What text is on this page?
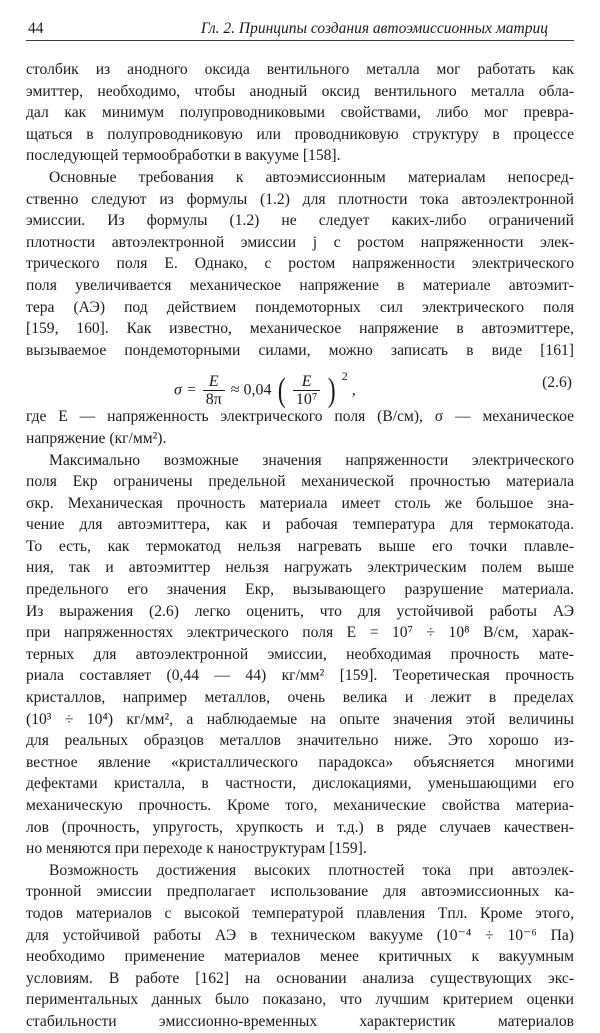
44	Гл. 2. Принципы создания автоэмиссионных матриц
столбик из анодного оксида вентильного металла мог работать как
эмиттер, необходимо, чтобы анодный оксид вентильного металла обла-
дал как минимум полупроводниковыми свойствами, либо мог превра-
щаться в полупроводниковую или проводниковую структуру в процессе
последующей термообработки в вакууме [158].
Основные требования к автоэмиссионным материалам непосред-
ственно следуют из формулы (1.2) для плотности тока автоэлектронной
эмиссии. Из формулы (1.2) не следует каких-либо ограничений
плотности автоэлектронной эмиссии j с ростом напряженности элек-
трического поля E. Однако, с ростом напряженности электрического
поля увеличивается механическое напряжение в материале автоэмит-
тера (АЭ) под действием пондемоторных сил электрического поля
[159, 160]. Как известно, механическое напряжение в автоэмиттере,
вызываемое пондемоторными силами, можно записать в виде [161]
$\sigma = \frac{E}{8\pi} \approx 0,04$ ( $\frac{E}{\text{10⁷}}$ ) $^2$ ,	(2.6)
где E — напряженность электрического поля (В/см), σ — механическое
напряжение (кг/мм²).
Максимально возможные значения напряженности электрического
поля Eкр ограничены предельной механической прочностью материала
σкр. Механическая прочность материала имеет столь же большое зна-
чение для автоэмиттера, как и рабочая температура для термокатода.
То есть, как термокатод нельзя нагревать выше его точки плавле-
ния, так и автоэмиттер нельзя нагружать электрическим полем выше
предельного его значения Eкр, вызывающего разрушение материала.
Из выражения (2.6) легко оценить, что для устойчивой работы АЭ
при напряженностях электрического поля E = 10⁷ ÷ 10⁸ В/см, харак-
терных для автоэлектронной эмиссии, необходимая прочность мате-
риала составляет (0,44 — 44) кг/мм² [159]. Теоретическая прочность
кристаллов, например металлов, очень велика и лежит в пределах
(10³ ÷ 10⁴) кг/мм², а наблюдаемые на опыте значения этой величины
для реальных образцов металлов значительно ниже. Это хорошо из-
вестное явление «кристаллического парадокса» объясняется многими
дефектами кристалла, в частности, дислокациями, уменьшающими его
механическую прочность. Кроме того, механические свойства материа-
лов (прочность, упругость, хрупкость и т.д.) в ряде случаев качествен-
но меняются при переходе к наноструктурам [159].
Возможность достижения высоких плотностей тока при автоэлек-
тронной эмиссии предполагает использование для автоэмиссионных ка-
тодов материалов с высокой температурой плавления Tпл. Кроме этого,
для устойчивой работы АЭ в техническом вакууме (10⁻⁴ ÷ 10⁻⁶ Па)
необходимо применение материалов менее критичных к вакуумным
условиям. В работе [162] на основании анализа существующих экс-
периментальных данных было показано, что лучшим критерием оценки
стабильности эмиссионно-временных характеристик материалов
